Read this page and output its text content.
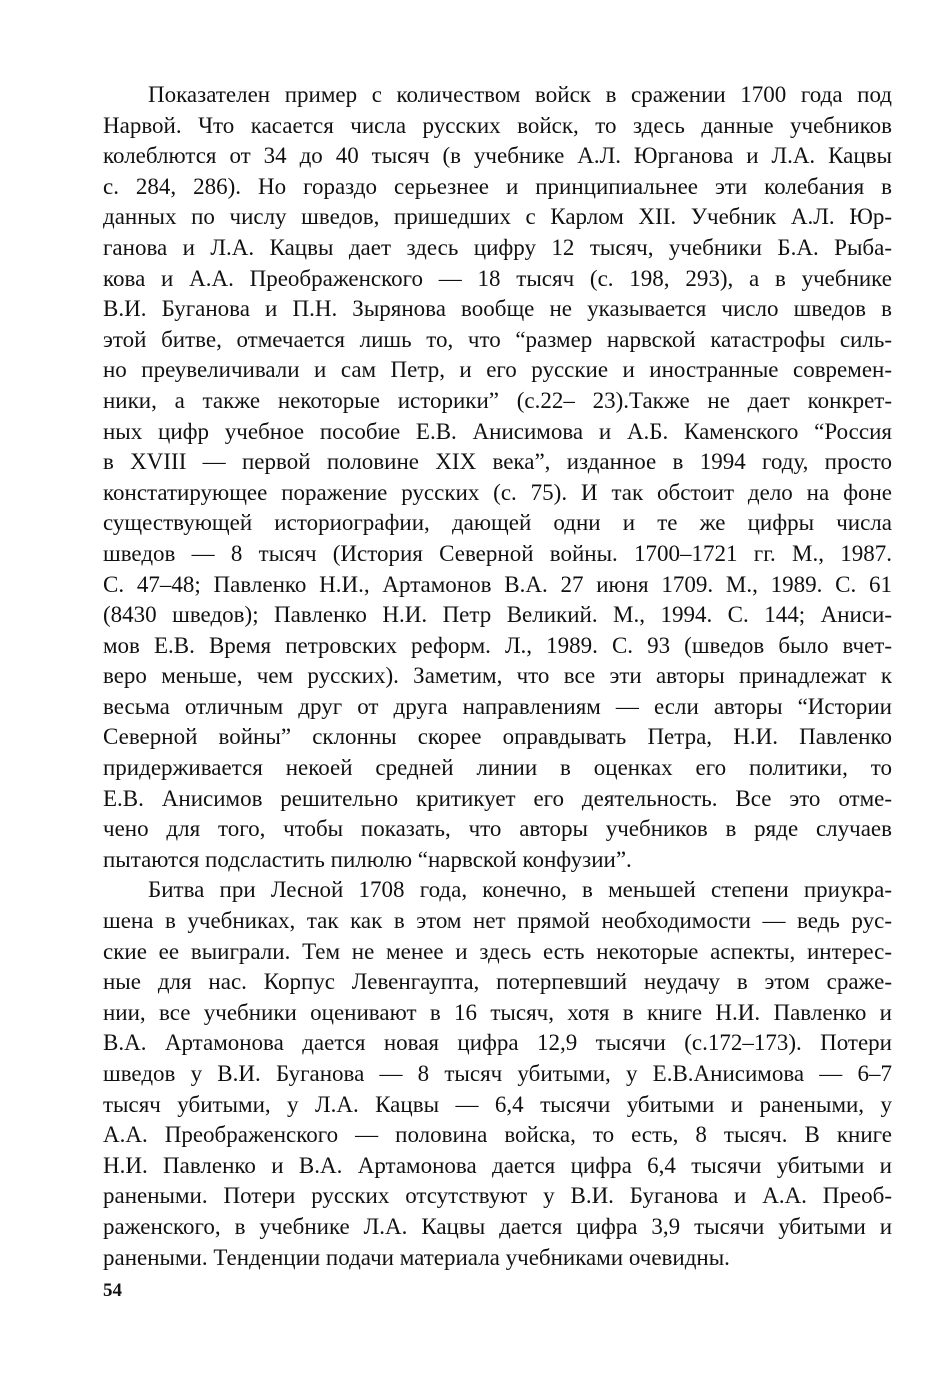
Показателен пример с количеством войск в сражении 1700 года под
Нарвой. Что касается числа русских войск, то здесь данные учебников
колеблются от 34 до 40 тысяч (в учебнике А.Л. Юрганова и Л.А. Кацвы
с. 284, 286). Но гораздо серьезнее и принципиальнее эти колебания в
данных по числу шведов, пришедших с Карлом XII. Учебник А.Л. Юр-
ганова и Л.А. Кацвы дает здесь цифру 12 тысяч, учебники Б.А. Рыба-
кова и А.А. Преображенского — 18 тысяч (с. 198, 293), а в учебнике
В.И. Буганова и П.Н. Зырянова вообще не указывается число шведов в
этой битве, отмечается лишь то, что “размер нарвской катастрофы силь-
но преувеличивали и сам Петр, и его русские и иностранные современ-
ники, а также некоторые историки” (с.22– 23).Также не дает конкрет-
ных цифр учебное пособие Е.В. Анисимова и А.Б. Каменского “Россия
в XVIII — первой половине XIX века”, изданное в 1994 году, просто
констатирующее поражение русских (с. 75). И так обстоит дело на фоне
существующей историографии, дающей одни и те же цифры числа
шведов — 8 тысяч (История Северной войны. 1700–1721 гг. М., 1987.
С. 47–48; Павленко Н.И., Артамонов В.А. 27 июня 1709. М., 1989. С. 61
(8430 шведов); Павленко Н.И. Петр Великий. М., 1994. С. 144; Аниси-
мов Е.В. Время петровских реформ. Л., 1989. С. 93 (шведов было вчет-
веро меньше, чем русских). Заметим, что все эти авторы принадлежат к
весьма отличным друг от друга направлениям — если авторы “Истории
Северной войны” склонны скорее оправдывать Петра, Н.И. Павленко
придерживается некоей средней линии в оценках его политики, то
Е.В. Анисимов решительно критикует его деятельность. Все это отме-
чено для того, чтобы показать, что авторы учебников в ряде случаев
пытаются подсластить пилюлю “нарвской конфузии”.
Битва при Лесной 1708 года, конечно, в меньшей степени приукра-
шена в учебниках, так как в этом нет прямой необходимости — ведь рус-
ские ее выиграли. Тем не менее и здесь есть некоторые аспекты, интерес-
ные для нас. Корпус Левенгаупта, потерпевший неудачу в этом сраже-
нии, все учебники оценивают в 16 тысяч, хотя в книге Н.И. Павленко и
В.А. Артамонова дается новая цифра 12,9 тысячи (с.172–173). Потери
шведов у В.И. Буганова — 8 тысяч убитыми, у Е.В.Анисимова — 6–7
тысяч убитыми, у Л.А. Кацвы — 6,4 тысячи убитыми и ранеными, у
А.А. Преображенского — половина войска, то есть, 8 тысяч. В книге
Н.И. Павленко и В.А. Артамонова дается цифра 6,4 тысячи убитыми и
ранеными. Потери русских отсутствуют у В.И. Буганова и А.А. Преоб-
раженского, в учебнике Л.А. Кацвы дается цифра 3,9 тысячи убитыми и
ранеными. Тенденции подачи материала учебниками очевидны.
54
